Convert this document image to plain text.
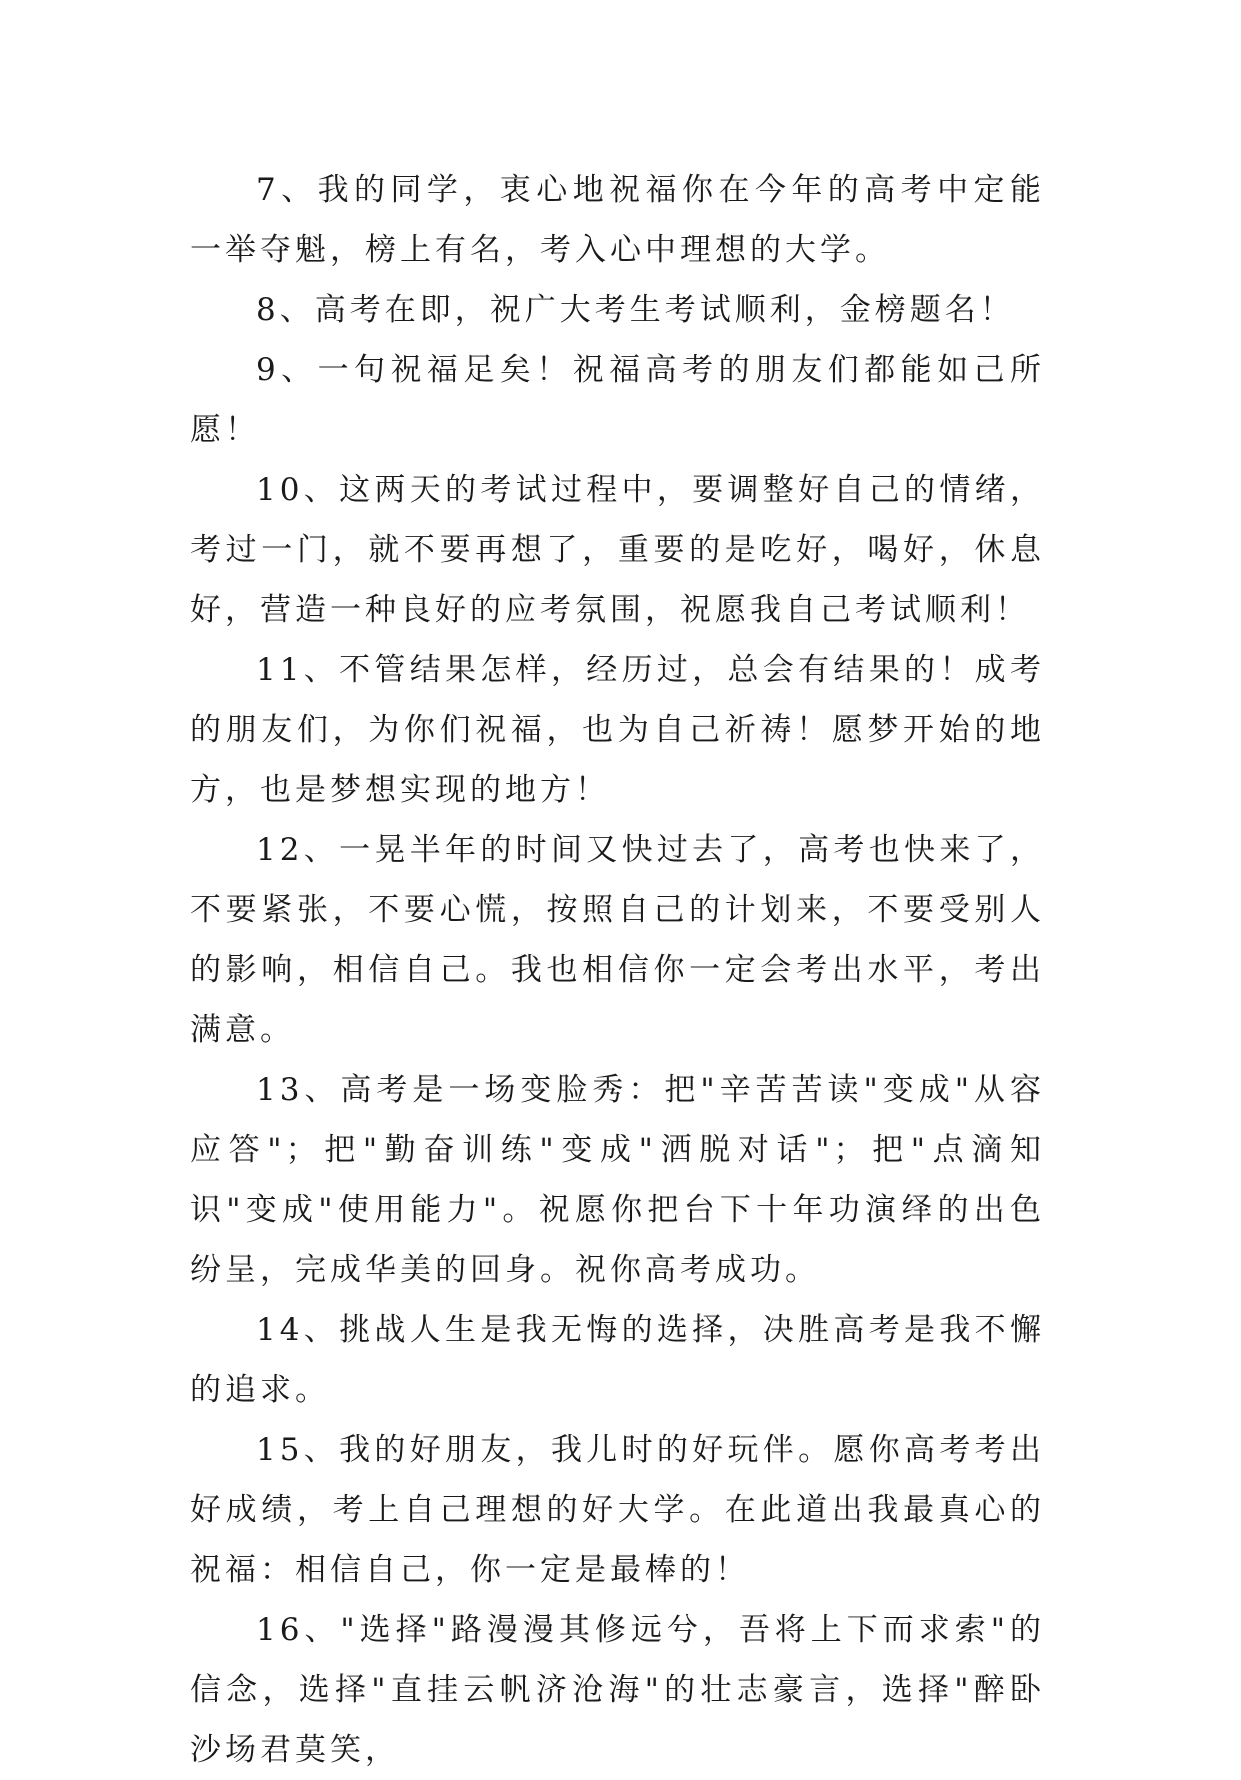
7、我的同学，衷心地祝福你在今年的高考中定能一举夺魁，榜上有名，考入心中理想的大学。

8、高考在即，祝广大考生考试顺利，金榜题名！

9、一句祝福足矣！祝福高考的朋友们都能如己所愿！

10、这两天的考试过程中，要调整好自己的情绪，考过一门，就不要再想了，重要的是吃好，喝好，休息好，营造一种良好的应考氛围，祝愿我自己考试顺利！

11、不管结果怎样，经历过，总会有结果的！成考的朋友们，为你们祝福，也为自己祈祷！愿梦开始的地方，也是梦想实现的地方！

12、一晃半年的时间又快过去了，高考也快来了，不要紧张，不要心慌，按照自己的计划来，不要受别人的影响，相信自己。我也相信你一定会考出水平，考出满意。

13、高考是一场变脸秀：把"辛苦苦读"变成"从容应答"；把"勤奋训练"变成"洒脱对话"；把"点滴知识"变成"使用能力"。祝愿你把台下十年功演绎的出色纷呈，完成华美的回身。祝你高考成功。

14、挑战人生是我无悔的选择，决胜高考是我不懈的追求。

15、我的好朋友，我儿时的好玩伴。愿你高考考出好成绩，考上自己理想的好大学。在此道出我最真心的祝福：相信自己，你一定是最棒的！

16、"选择"路漫漫其修远兮，吾将上下而求索"的信念，选择"直挂云帆济沧海"的壮志豪言，选择"醉卧沙场君莫笑，
